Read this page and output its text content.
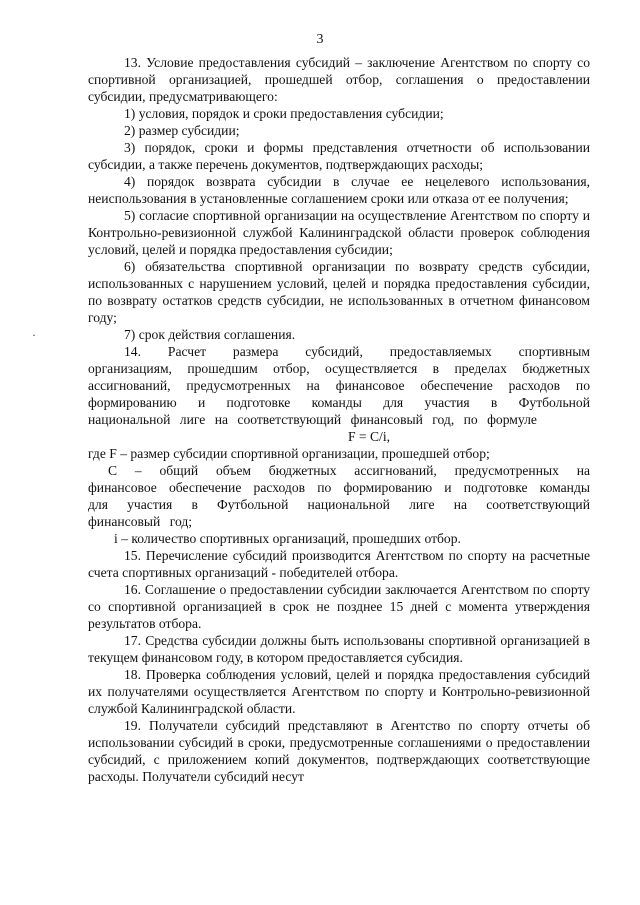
3
·

13. Условие предоставления субсидий – заключение Агентством по спорту со спортивной организацией, прошедшей отбор, соглашения о предоставлении субсидии, предусматривающего:

1) условия, порядок и сроки предоставления субсидии;

2) размер субсидии;

3) порядок, сроки и формы представления отчетности об использовании субсидии, а также перечень документов, подтверждающих расходы;

4) порядок возврата субсидии в случае ее нецелевого использования, неиспользования в установленные соглашением сроки или отказа от ее получения;

5) согласие спортивной организации на осуществление Агентством по спорту и Контрольно-ревизионной службой Калининградской области проверок соблюдения условий, целей и порядка предоставления субсидии;

6) обязательства спортивной организации по возврату средств субсидии, использованных с нарушением условий, целей и порядка предоставления субсидии, по возврату остатков средств субсидии, не использованных в отчетном финансовом году;

7) срок действия соглашения.

14. Расчет размера субсидий, предоставляемых спортивным организациям, прошедшим отбор, осуществляется в пределах бюджетных ассигнований, предусмотренных на финансовое обеспечение расходов по формированию и подготовке команды для участия в Футбольной национальной лиге на соответствующий финансовый год, по формуле

F = C/i,

где F – размер субсидии спортивной организации, прошедшей отбор;

С – общий объем бюджетных ассигнований, предусмотренных на финансовое обеспечение расходов по формированию и подготовке команды для участия в Футбольной национальной лиге на соответствующий финансовый год;

i – количество спортивных организаций, прошедших отбор.

15. Перечисление субсидий производится Агентством по спорту на расчетные счета спортивных организаций - победителей отбора.

16. Соглашение о предоставлении субсидии заключается Агентством по спорту со спортивной организацией в срок не позднее 15 дней с момента утверждения результатов отбора.

17. Средства субсидии должны быть использованы спортивной организацией в текущем финансовом году, в котором предоставляется субсидия.

18. Проверка соблюдения условий, целей и порядка предоставления субсидий их получателями осуществляется Агентством по спорту и Контрольно-ревизионной службой Калининградской области.

19. Получатели субсидий представляют в Агентство по спорту отчеты об использовании субсидий в сроки, предусмотренные соглашениями о предоставлении субсидий, с приложением копий документов, подтверждающих соответствующие расходы. Получатели субсидий несут
